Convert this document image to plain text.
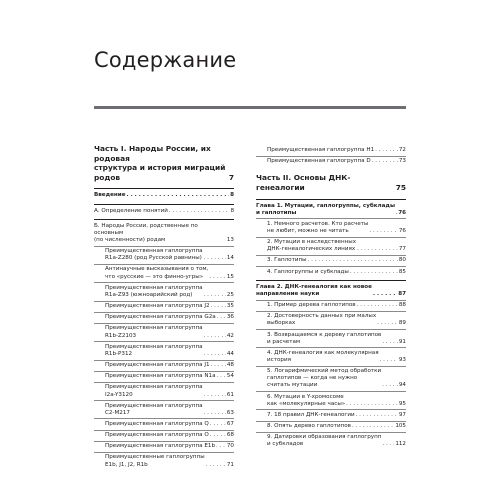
Содержание
Часть I. Народы России, их родовая
структура и история миграций
родов	7
Введение . . .	8
А. Определение понятий . . .	8
Б. Народы России, родственные по основным
(по численности) родам	13
Преимущественная гаплогруппа
R1a-Z280 (род Русской равнины) . . .	14
Антинаучные высказывания о том,
что «русские — это финно-угры» . . .	15
Преимущественная гаплогруппа
R1a-Z93 (южноарийский род) . . .	25
Преимущественная гаплогруппа J2 . . .	35
Преимущественная гаплогруппа G2a . . . 36
Преимущественная гаплогруппа
R1b-Z2103 . . .	42
Преимущественная гаплогруппа
R1b-P312 . . .	44
Преимущественная гаплогруппа J1 . . .	48
Преимущественная гаплогруппа N1a . . . 54
Преимущественная гаплогруппа
I2a-Y3120 . . .	61
Преимущественная гаплогруппа
C2-M217 . . .	63
Преимущественная гаплогруппа Q . . .	67
Преимущественная гаплогруппа О . . .	68
Преимущественная гаплогруппа Е1b . . . 70
Преимущественные гаплогруппы
Е1b, J1, J2, R1b . . .	71
Преимущественная гаплогруппа H1 . . .	72
Преимущественная гаплогруппа D . . .	73
Часть II. Основы ДНК-генеалогии	75
Глава 1. Мутации, гаплогруппы, субклады
и гаплотипы . . .	76
1. Немного расчетов. Кто расчеты
не любит, можно не читать . . .	76
2. Мутации в наследственных
ДНК-генеалогических линиях . . .	77
3. Гаплотипы . . .	80
4. Гаплогруппы и субклады . . .	85
Глава 2. ДНК-генеалогия как новое
направление науки . . .	87
1. Пример дерева гаплотипов . . .	88
2. Достоверность данных при малых
выборках . . .	89
3. Возвращаемся к дереву гаплотипов
и расчетам . . .	91
4. ДНК-генеалогия как молекулярная
история . . .	93
5. Логарифмический метод обработки
гаплотипов — когда не нужно
считать мутации . . .	94
6. Мутации в Y-хромосоме
как «молекулярные часы» . . .	95
7. 18 правил ДНК-генеалогии . . .	97
8. Опять дерево гаплотипов . . .	105
9. Датировки образования гаплогрупп
и субкладов . . .	112
